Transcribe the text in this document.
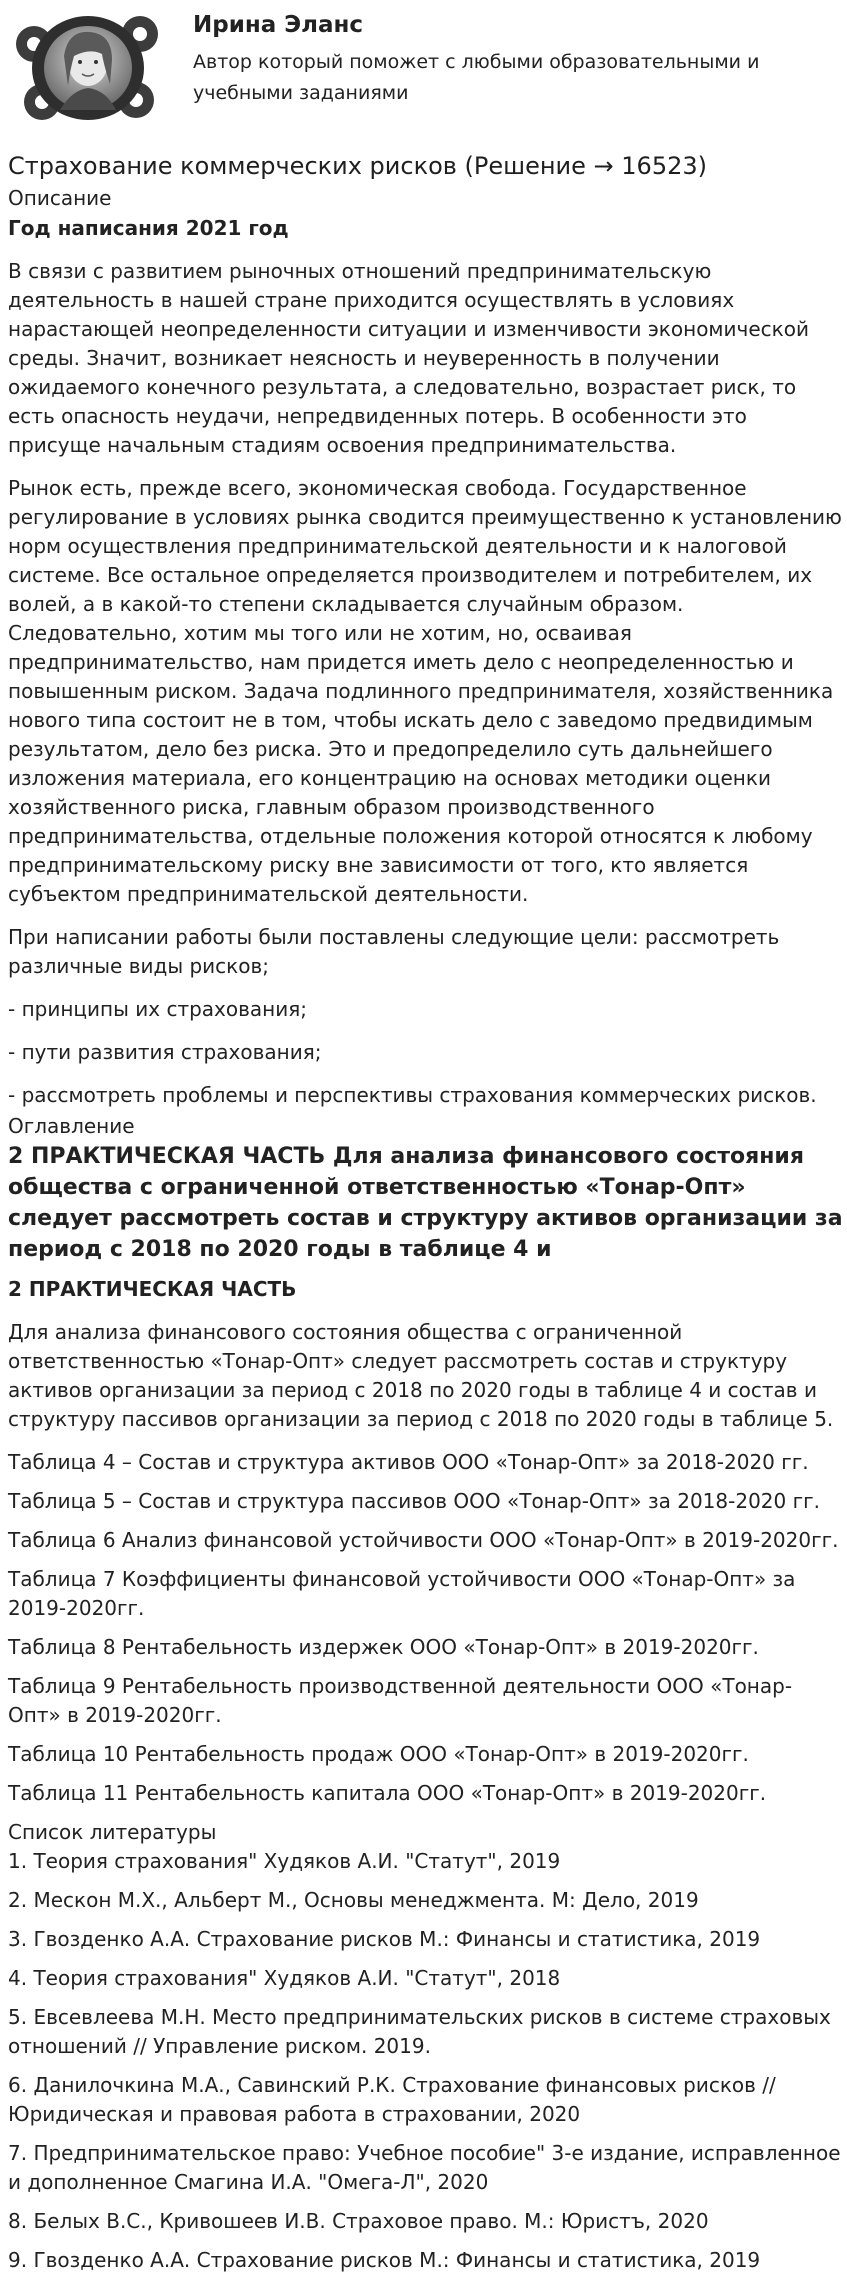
Ирина Эланс
Автор который поможет с любыми образовательными и учебными заданиями
Страхование коммерческих рисков (Решение → 16523)
Описание
Год написания 2021 год

В связи с развитием рыночных отношений предпринимательскую деятельность в нашей стране приходится осуществлять в условиях нарастающей неопределенности ситуации и изменчивости экономической среды. Значит, возникает неясность и неуверенность в получении ожидаемого конечного результата, а следовательно, возрастает риск, то есть опасность неудачи, непредвиденных потерь. В особенности это присуще начальным стадиям освоения предпринимательства.

Рынок есть, прежде всего, экономическая свобода. Государственное регулирование в условиях рынка сводится преимущественно к установлению норм осуществления предпринимательской деятельности и к налоговой системе. Все остальное определяется производителем и потребителем, их волей, а в какой-то степени складывается случайным образом. Следовательно, хотим мы того или не хотим, но, осваивая предпринимательство, нам придется иметь дело с неопределенностью и повышенным риском. Задача подлинного предпринимателя, хозяйственника нового типа состоит не в том, чтобы искать дело с заведомо предвидимым результатом, дело без риска. Это и предопределило суть дальнейшего изложения материала, его концентрацию на основах методики оценки хозяйственного риска, главным образом производственного предпринимательства, отдельные положения которой относятся к любому предпринимательскому риску вне зависимости от того, кто является субъектом предпринимательской деятельности.

При написании работы были поставлены следующие цели: рассмотреть различные виды рисков;

- принципы их страхования;

- пути развития страхования;

- рассмотреть проблемы и перспективы страхования коммерческих рисков.

Оглавление
2 ПРАКТИЧЕСКАЯ ЧАСТЬ Для анализа финансового состояния общества с ограниченной ответственностью «Тонар-Опт» следует рассмотреть состав и структуру активов организации за период с 2018 по 2020 годы в таблице 4 и
2 ПРАКТИЧЕСКАЯ ЧАСТЬ

Для анализа финансового состояния общества с ограниченной ответственностью «Тонар-Опт» следует рассмотреть состав и структуру активов организации за период с 2018 по 2020 годы в таблице 4 и состав и структуру пассивов организации за период с 2018 по 2020 годы в таблице 5.

Таблица 4 – Состав и структура активов ООО «Тонар-Опт» за 2018-2020 гг.

Таблица 5 – Состав и структура пассивов ООО «Тонар-Опт» за 2018-2020 гг.

Таблица 6 Анализ финансовой устойчивости ООО «Тонар-Опт» в 2019-2020гг.

Таблица 7 Коэффициенты финансовой устойчивости ООО «Тонар-Опт» за 2019-2020гг.

Таблица 8 Рентабельность издержек ООО «Тонар-Опт» в 2019-2020гг.

Таблица 9 Рентабельность производственной деятельности ООО «Тонар-Опт» в 2019-2020гг.

Таблица 10 Рентабельность продаж ООО «Тонар-Опт» в 2019-2020гг.

Таблица 11 Рентабельность капитала ООО «Тонар-Опт» в 2019-2020гг.

Список литературы

1. Теория страхования" Худяков А.И. "Статут", 2019

2. Мескон М.Х., Альберт М., Основы менеджмента. М: Дело, 2019

3. Гвозденко А.А. Страхование рисков М.: Финансы и статистика, 2019

4. Теория страхования" Худяков А.И. "Статут", 2018

5. Евсевлеева М.Н. Место предпринимательских рисков в системе страховых отношений // Управление риском. 2019.

6. Данилочкина М.А., Савинский Р.К. Страхование финансовых рисков // Юридическая и правовая работа в страховании, 2020

7. Предпринимательское право: Учебное пособие" 3-е издание, исправленное и дополненное Смагина И.А. "Омега-Л", 2020

8. Белых В.С., Кривошеев И.В. Страховое право. М.: Юристъ, 2020

9. Гвозденко А.А. Страхование рисков М.: Финансы и статистика, 2019
